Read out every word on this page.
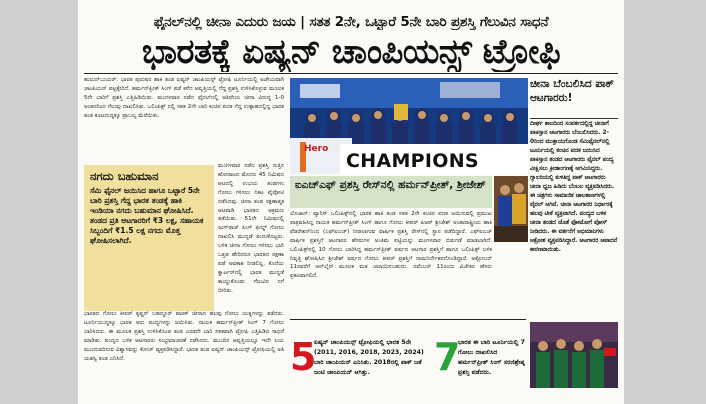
ಫೈನಲ್‌ನಲ್ಲಿ ಚೀನಾ ಎದುರು ಜಯ | ಸತತ 2ನೇ, ಒಟ್ಟಾರೆ 5ನೇ ಬಾರಿ ಪ್ರಶಸ್ತಿ ಗೆಲುವಿನ ಸಾಧನೆ
ಭಾರತಕ್ಕೆ ಏಷ್ಯನ್ ಚಾಂಪಿಯನ್ಸ್ ಟ್ರೋಫಿ
ಹುಲುನ್‌ಬುಯರ್: ಭಾರತ ಪುರುಷರ ಹಾಕಿ ತಂಡ ಏಷ್ಯನ್ ಚಾಂಪಿಯನ್ಸ್ ಟ್ರೋಫಿ ಟೂರ್ನಿಯಲ್ಲಿ ಅಜೇಯವಾಗಿ ಚಾಂಪಿಯನ್ ಪಟ್ಟಕ್ಕೇರಿದೆ. ಹರ್ಮನ್‌ಪ್ರೀತ್ ಸಿಂಗ್ ಪಡೆ ಕಳೆದ ಆವೃತ್ತಿಯಲ್ಲಿ ಗೆದ್ದ ಪ್ರಶಸ್ತಿ ಉಳಿಸಿಕೊಳ್ಳುವ ಮೂಲಕ 5ನೇ ಬಾರಿಗೆ ಪ್ರಶಸ್ತಿ ಎತ್ತಿಹಿಡಿಯಿತು. ಮಂಗಳವಾರ ನಡೆದ ಫೈನಲ್‌ನಲ್ಲಿ ಆತಿಥೇಯ ಚೀನಾ ವಿರುದ್ಧ 1-0 ಅಂತರದಿಂದ ಗೆಲುವು ದಾಖಲಿಸಿತು. ಒಲಿಂಪಿಕ್ಸ್ ನಲ್ಲಿ ಸತತ 2ನೇ ಬಾರಿ ಕಂಚಿನ ಪದಕ ಗೆದ್ದ ಉತ್ಸಾಹದಲ್ಲಿದ್ದ ಭಾರತ ತಂಡ ಕೂಟದುದ್ದಕ್ಕೂ ಪ್ರಾಬಲ್ಯ ಮೆರೆಯಿತು.
ನಗದು ಬಹುಮಾನ
ಸೆಮಿ ಫೈನಲ್ ಜಯಿಸಿದ ಹಾಗೂ ಒಟ್ಟಾರೆ 5ನೇ ಬಾರಿ ಪ್ರಶಸ್ತಿ ಗೆದ್ದ ಭಾರತ ತಂಡಕ್ಕೆ ಹಾಕಿ ಇಂಡಿಯಾ ನಗದು ಬಹುಮಾನ ಘೋಷಿಸಿದೆ. ತಂಡದ ಪ್ರತಿ ಆಟಗಾರರಿಗೆ ₹3 ಲಕ್ಷ, ಸಹಾಯಕ ಸಿಬ್ಬಂದಿಗೆ ₹1.5 ಲಕ್ಷ ನಗದು ಮೊತ್ತ ಘೋಷಿಸಲಾಗಿದೆ.
ಮಂಗಳವಾರ ನಡೆದ ಪ್ರಶಸ್ತಿ ಸುತ್ತಿನ ಹೋರಾಟದ ಮೊದಲ 45 ನಿಮಿಷದ ಆಟದಲ್ಲಿ ಉಭಯ ತಂಡಗಳು ಗೋಲು ಗಳಿಸಲು ನಿಕಟ ಪೈಪೋಟಿ ನಡೆಸಿದವು. ಚೀನಾ ತಂಡ ರಕ್ಷಣಾತ್ಮಕ ಆಟವಾಡಿ ಭಾರತದ ಆಕ್ರಮಣ ತಡೆಯಿತು. 51ನೇ ನಿಮಿಷದಲ್ಲಿ ಜುಗ್‌ರಾಜ್ ಸಿಂಗ್ ಫೀಲ್ಡ್ ಗೋಲು ದಾಖಲಿಸಿ ಮುನ್ನಡೆ ತಂದುಕೊಟ್ಟರು. ಬಳಿಕ ಚೀನಾ ಗೋಲು ಗಳಿಸಲು ಭಾರಿ ಒತ್ತಡ ಹೇರಿದರೂ ಭಾರತದ ರಕ್ಷಣಾ ಪಡೆ ಅವಕಾಶ ನೀಡಲಿಲ್ಲ. ಕೊನೆಯ ಕ್ವಾರ್ಟರ್‌ನಲ್ಲಿ ಭಾರತ ಮುನ್ನಡೆ ಕಾಯ್ದುಕೊಂಡು ಗೆಲುವಿನ ನಗೆ ಬೀರಿತು.
ಭಾರತದ ಗೋಲು ಕೀಪರ್ ಕೃಷ್ಣನ್ ಬಹದ್ದೂರ್ ಪಾಠಕ್ ಚೀನಾದ ಹಲವು ಗೋಲು ಯತ್ನಗಳನ್ನು ತಡೆದರು. ಟೂರ್ನಿಯುದ್ದಕ್ಕೂ ಭಾರತ ಆರು ಪಂದ್ಯಗಳನ್ನು ಜಯಿಸಿತು. ನಾಯಕ ಹರ್ಮನ್‌ಪ್ರೀತ್ ಸಿಂಗ್ 7 ಗೋಲು ಬಾರಿಸಿದರು. ಈ ಮೂಲಕ ಪ್ರಶಸ್ತಿ ಉಳಿಸಿಕೊಂಡ ತಂಡ ಎರಡನೇ ಬಾರಿ ಸತತವಾಗಿ ಟ್ರೋಫಿ ಎತ್ತಿಹಿಡಿದ ಸಾಧನೆ ಮಾಡಿತು. ಪಂದ್ಯದ ಬಳಿಕ ಆಟಗಾರರು ಸಂಭ್ರಮಾಚರಣೆ ನಡೆಸಿದರು. ಮುಂದಿನ ಆವೃತ್ತಿಯಲ್ಲೂ ಇದೇ ಲಯ ಮುಂದುವರಿಸುವ ವಿಶ್ವಾಸವನ್ನು ಕೋಚ್ ವ್ಯಕ್ತಪಡಿಸಿದ್ದಾರೆ. ಭಾರತ ತಂಡ ಏಷ್ಯನ್ ಚಾಂಪಿಯನ್ಸ್ ಟ್ರೋಫಿಯಲ್ಲಿ ಅತಿ ಯಶಸ್ವಿ ತಂಡ ಎನಿಸಿದೆ.
Hero
CHAMPIONS
ಐಎಚ್‌ಎಫ್ ಪ್ರಶಸ್ತಿ ರೇಸ್‌ನಲ್ಲಿ ಹರ್ಮನ್‌ಪ್ರೀತ್, ಶ್ರೀಜೇಶ್
ಲೊಜಾನ್: ಪ್ಯಾರಿಸ್ ಒಲಿಂಪಿಕ್ಸ್‌ನಲ್ಲಿ ಭಾರತ ಹಾಕಿ ತಂಡ ಸತತ 2ನೇ ಕಂಚಿನ ಪದಕ ಜಯಿಸುವಲ್ಲಿ ಪ್ರಮುಖ ಪಾತ್ರವಹಿಸಿದ್ದ ನಾಯಕ ಹರ್ಮನ್‌ಪ್ರೀತ್ ಸಿಂಗ್ ಹಾಗೂ ಗೋಲು ಕೀಪರ್ ಪಿಆರ್ ಶ್ರೀಜೇಶ್ ಅಂತಾರಾಷ್ಟ್ರೀಯ ಹಾಕಿ ಫೆಡರೇಶನ್‌ನಿಂದ (ಎಫ್‌ಐಎಚ್) ನೀಡಲಾಗುವ ವಾರ್ಷಿಕ ಪ್ರಶಸ್ತಿ ರೇಸ್‌ನಲ್ಲಿ ಸ್ಥಾನ ಪಡೆದಿದ್ದಾರೆ. ಎಫ್‌ಐಎಚ್ ವಾರ್ಷಿಕ ಪ್ರಶಸ್ತಿಗೆ ಆಟಗಾರರ ಹೆಸರುಗಳ ಅಂತಿಮ ಪಟ್ಟಿಯನ್ನು ಮಂಗಳವಾರ ಬಿಡುಗಡೆ ಮಾಡಲಾಗಿದೆ. ಒಲಿಂಪಿಕ್ಸ್‌ನಲ್ಲಿ 10 ಗೋಲು ಬಾರಿಸಿದ್ದ ಹರ್ಮನ್‌ಪ್ರೀತ್ ವರ್ಷದ ಆಟಗಾರ ಪ್ರಶಸ್ತಿಗೆ ಹಾಗೂ ಒಲಿಂಪಿಕ್ಸ್ ಬಳಿಕ ನಿವೃತ್ತಿ ಘೋಷಿಸಿದ ಶ್ರೀಜೇಶ್ ವರ್ಷದ ಗೋಲು ಕೀಪರ್ ಪ್ರಶಸ್ತಿಗೆ ನಾಮನಿರ್ದೇಶನಗೊಂಡಿದ್ದಾರೆ. ಅಕ್ಟೋಬರ್ 11ರವರೆಗೆ ಆನ್‌ಲೈನ್ ಮೂಲಕ ಮತ ಚಲಾಯಿಸಬಹುದು. ನವೆಂಬರ್ 11ರಂದು ವಿಜೇತರ ಹೆಸರು ಪ್ರಕಟವಾಗಲಿದೆ.
ಚೀನಾ ಬೆಂಬಲಿಸಿದ ಪಾಕ್ ಆಟಗಾರರು!
ದೀರ್ಘ ಕಾಲದಿಂದ ಸಂಪರ್ಕದಲ್ಲಿದ್ದ ಚೀನಾಗೆ ಪಾಕಿಸ್ತಾನ ಆಟಗಾರರು ಬೆಂಬಲಿಸಿದರು. 2-0ರಿಂದ ಮುಕ್ತಾಯಗೊಂಡ ಸೆಮಿಫೈನಲ್‌ನಲ್ಲಿ ಟೂರ್ನಿಯಲ್ಲಿ ಕಂಚಿನ ಪದಕ ಜಯಿಸಿದ ಪಾಕಿಸ್ತಾನ ತಂಡದ ಆಟಗಾರರು ಫೈನಲ್ ಪಂದ್ಯ ವೀಕ್ಷಿಸಲು ಕ್ರೀಡಾಂಗಣಕ್ಕೆ ಆಗಮಿಸಿದ್ದರು. ಗ್ಯಾಲರಿಯಲ್ಲಿ ಕುಳಿತಿದ್ದ ಪಾಕ್ ಆಟಗಾರರು ಚೀನಾ ಧ್ವಜ ಹಿಡಿದು ಬೆಂಬಲ ವ್ಯಕ್ತಪಡಿಸಿದರು. ಈ ಚಿತ್ರಗಳು ಸಾಮಾಜಿಕ ಜಾಲತಾಣಗಳಲ್ಲಿ ವೈರಲ್ ಆಗಿವೆ. ಚೀನಾ ಆಟಗಾರರ ನಿರ್ಧಾರಕ್ಕೆ ಹಲವು ಟೀಕೆ ವ್ಯಕ್ತವಾಗಿದೆ. ಪಂದ್ಯದ ಬಳಿಕ ಚೀನಾ ತಂಡದ ಜೊತೆ ಫೋಟೋಗೆ ಪೋಸ್ ನೀಡಿದರು. ಈ ವರ್ತನೆಗೆ ಅಭಿಮಾನಿಗಳು ಆಕ್ರೋಶ ವ್ಯಕ್ತಪಡಿಸಿದ್ದಾರೆ. ಆಟಗಾರರ ಆಪಾದನೆ ಕಾರಣವಾಯಿತು.
5
ಏಷ್ಯನ್ ಚಾಂಪಿಯನ್ಸ್ ಟ್ರೋಫಿಯಲ್ಲಿ ಭಾರತ 5ನೇ (2011, 2016, 2018, 2023, 2024) ಬಾರಿ ಚಾಂಪಿಯನ್ ಎನಿಸಿತು. 2018ರಲ್ಲಿ ಪಾಕ್ ಜತೆ ಜಂಟಿ ಚಾಂಪಿಯನ್ ಆಗಿತ್ತು.	7
ಭಾರತ ಈ ಬಾರಿ ಟೂರ್ನಿಯಲ್ಲಿ 7 ಗೋಲು ದಾಖಲಿಸಿದ ಹರ್ಮನ್‌ಪ್ರೀತ್ ಸಿಂಗ್ ಸರಣಿಶ್ರೇಷ್ಠ ಪ್ರಶಸ್ತಿ ಪಡೆದರು.
